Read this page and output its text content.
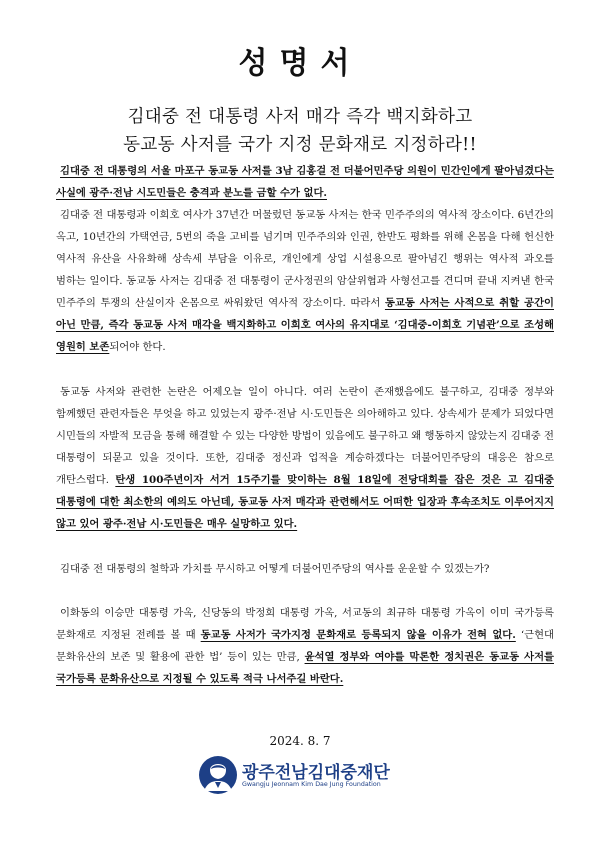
성명서
김대중 전 대통령 사저 매각 즉각 백지화하고
동교동 사저를 국가 지정 문화재로 지정하라!!

김대중 전 대통령의 서울 마포구 동교동 사저를 3남 김홍걸 전 더불어민주당 의원이 민간인에게 팔아넘겼다는 사실에 광주·전남 시도민들은 충격과 분노를 금할 수가 없다.

김대중 전 대통령과 이희호 여사가 37년간 머물렀던 동교동 사저는 한국 민주주의의 역사적 장소이다. 6년간의 옥고, 10년간의 가택연금, 5번의 죽을 고비를 넘기며 민주주의와 인권, 한반도 평화를 위해 온몸을 다해 헌신한 역사적 유산을 사유화해 상속세 부담을 이유로, 개인에게 상업 시설용으로 팔아넘긴 행위는 역사적 과오를 범하는 일이다. 동교동 사저는 김대중 전 대통령이 군사정권의 암살위협과 사형선고를 견디며 끝내 지켜낸 한국 민주주의 투쟁의 산실이자 온몸으로 싸워왔던 역사적 장소이다. 따라서 동교동 사저는 사적으로 취할 공간이 아닌 만큼, 즉각 동교동 사저 매각을 백지화하고 이희호 여사의 유지대로 ‘김대중-이희호 기념관’으로 조성해 영원히 보존되어야 한다.

동교동 사저와 관련한 논란은 어제오늘 일이 아니다. 여러 논란이 존재했음에도 불구하고, 김대중 정부와 함께했던 관련자들은 무엇을 하고 있었는지 광주·전남 시·도민들은 의아해하고 있다. 상속세가 문제가 되었다면 시민들의 자발적 모금을 통해 해결할 수 있는 다양한 방법이 있음에도 불구하고 왜 행동하지 않았는지 김대중 전 대통령이 되묻고 있을 것이다. 또한, 김대중 정신과 업적을 계승하겠다는 더불어민주당의 대응은 참으로 개탄스럽다. 탄생 100주년이자 서거 15주기를 맞이하는 8월 18일에 전당대회를 잡은 것은 고 김대중 대통령에 대한 최소한의 예의도 아닌데, 동교동 사저 매각과 관련해서도 어떠한 입장과 후속조치도 이루어지지 않고 있어 광주·전남 시·도민들은 매우 실망하고 있다.

김대중 전 대통령의 철학과 가치를 무시하고 어떻게 더불어민주당의 역사를 운운할 수 있겠는가?

이화동의 이승만 대통령 가옥, 신당동의 박정희 대통령 가옥, 서교동의 최규하 대통령 가옥이 이미 국가등록 문화재로 지정된 전례를 볼 때 동교동 사저가 국가지정 문화재로 등록되지 않을 이유가 전혀 없다. ‘근현대 문화유산의 보존 및 활용에 관한 법’ 등이 있는 만큼, 윤석열 정부와 여야를 막론한 정치권은 동교동 사저를 국가등록 문화유산으로 지정될 수 있도록 적극 나서주길 바란다.

2024. 8. 7

광주전남김대중재단

Gwangju Jeonnam Kim Dae Jung Foundation
